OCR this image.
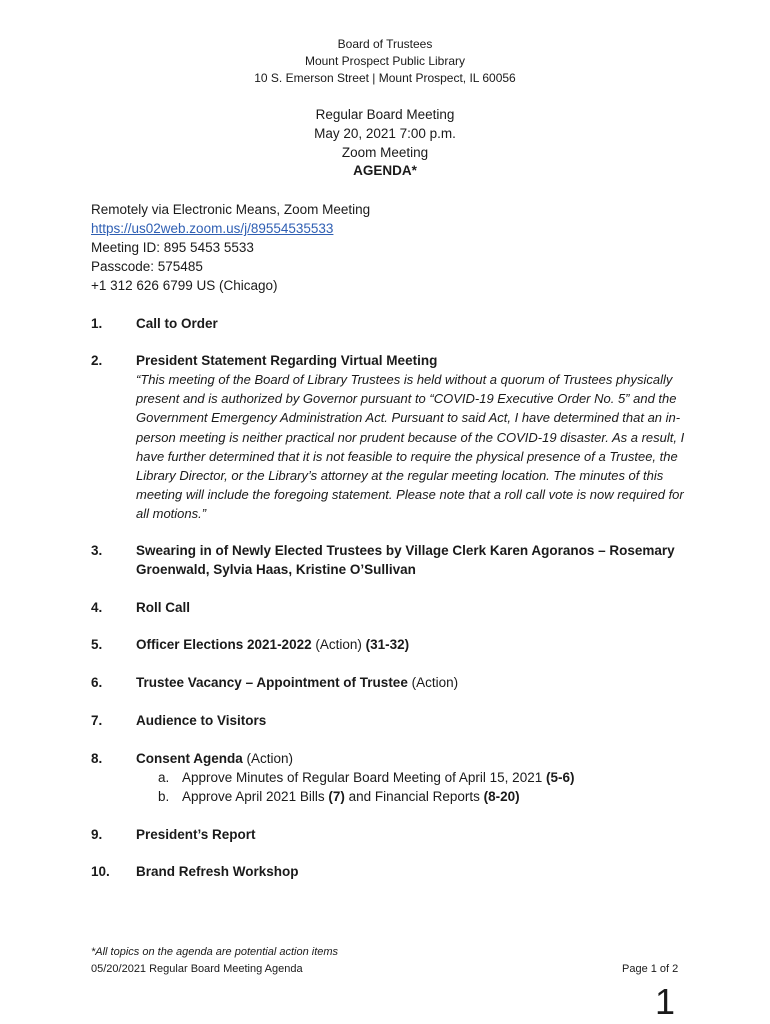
Board of Trustees
Mount Prospect Public Library
10 S. Emerson Street | Mount Prospect, IL 60056
Regular Board Meeting
May 20, 2021 7:00 p.m.
Zoom Meeting
AGENDA*
Remotely via Electronic Means, Zoom Meeting
https://us02web.zoom.us/j/89554535533
Meeting ID: 895 5453 5533
Passcode: 575485
+1 312 626 6799 US (Chicago)
1. Call to Order
2. President Statement Regarding Virtual Meeting
“This meeting of the Board of Library Trustees is held without a quorum of Trustees physically present and is authorized by Governor pursuant to “COVID-19 Executive Order No. 5” and the Government Emergency Administration Act. Pursuant to said Act, I have determined that an in-person meeting is neither practical nor prudent because of the COVID-19 disaster. As a result, I have further determined that it is not feasible to require the physical presence of a Trustee, the Library Director, or the Library’s attorney at the regular meeting location. The minutes of this meeting will include the foregoing statement. Please note that a roll call vote is now required for all motions.”
3. Swearing in of Newly Elected Trustees by Village Clerk Karen Agoranos – Rosemary Groenwald, Sylvia Haas, Kristine O’Sullivan
4. Roll Call
5. Officer Elections 2021-2022 (Action) (31-32)
6. Trustee Vacancy – Appointment of Trustee (Action)
7. Audience to Visitors
8. Consent Agenda (Action)
a. Approve Minutes of Regular Board Meeting of April 15, 2021 (5-6)
b. Approve April 2021 Bills (7) and Financial Reports (8-20)
9. President’s Report
10. Brand Refresh Workshop
*All topics on the agenda are potential action items
05/20/2021 Regular Board Meeting Agenda	Page 1 of 2
1
